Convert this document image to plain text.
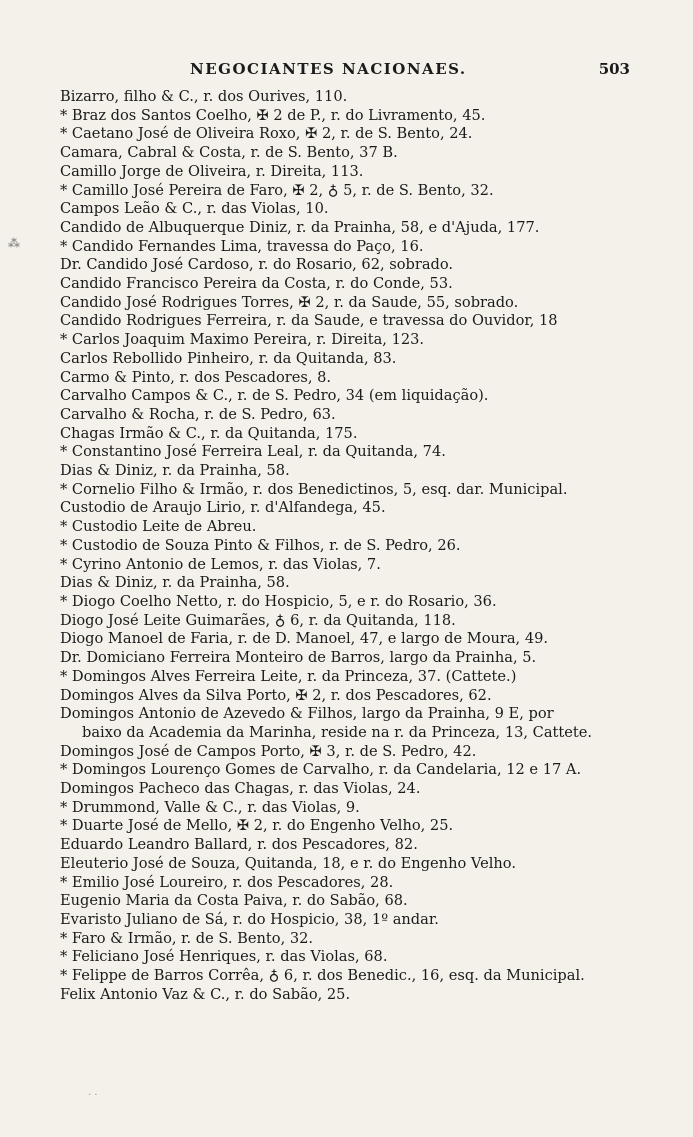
NEGOCIANTES NACIONAES.	503
⁂
Bizarro, filho & C., r. dos Ourives, 110.
* Braz dos Santos Coelho, ✠ 2 de P., r. do Livramento, 45.
* Caetano José de Oliveira Roxo, ✠ 2, r. de S. Bento, 24.
Camara, Cabral & Costa, r. de S. Bento, 37 B.
Camillo Jorge de Oliveira, r. Direita, 113.
* Camillo José Pereira de Faro, ✠ 2, ♁ 5, r. de S. Bento, 32.
Campos Leão & C., r. das Violas, 10.
Candido de Albuquerque Diniz, r. da Prainha, 58, e d'Ajuda, 177.
* Candido Fernandes Lima, travessa do Paço, 16.
Dr. Candido José Cardoso, r. do Rosario, 62, sobrado.
Candido Francisco Pereira da Costa, r. do Conde, 53.
Candido José Rodrigues Torres, ✠ 2, r. da Saude, 55, sobrado.
Candido Rodrigues Ferreira, r. da Saude, e travessa do Ouvidor, 18
* Carlos Joaquim Maximo Pereira, r. Direita, 123.
Carlos Rebollido Pinheiro, r. da Quitanda, 83.
Carmo & Pinto, r. dos Pescadores, 8.
Carvalho Campos & C., r. de S. Pedro, 34 (em liquidação).
Carvalho & Rocha, r. de S. Pedro, 63.
Chagas Irmão & C., r. da Quitanda, 175.
* Constantino José Ferreira Leal, r. da Quitanda, 74.
Dias & Diniz, r. da Prainha, 58.
* Cornelio Filho & Irmão, r. dos Benedictinos, 5, esq. dar. Municipal.
Custodio de Araujo Lirio, r. d'Alfandega, 45.
* Custodio Leite de Abreu.
* Custodio de Souza Pinto & Filhos, r. de S. Pedro, 26.
* Cyrino Antonio de Lemos, r. das Violas, 7.
Dias & Diniz, r. da Prainha, 58.
* Diogo Coelho Netto, r. do Hospicio, 5, e r. do Rosario, 36.
Diogo José Leite Guimarães, ♁ 6, r. da Quitanda, 118.
Diogo Manoel de Faria, r. de D. Manoel, 47, e largo de Moura, 49.
Dr. Domiciano Ferreira Monteiro de Barros, largo da Prainha, 5.
* Domingos Alves Ferreira Leite, r. da Princeza, 37. (Cattete.)
Domingos Alves da Silva Porto, ✠ 2, r. dos Pescadores, 62.
Domingos Antonio de Azevedo & Filhos, largo da Prainha, 9 E, por
baixo da Academia da Marinha, reside na r. da Princeza, 13, Cattete.
Domingos José de Campos Porto, ✠ 3, r. de S. Pedro, 42.
* Domingos Lourenço Gomes de Carvalho, r. da Candelaria, 12 e 17 A.
Domingos Pacheco das Chagas, r. das Violas, 24.
* Drummond, Valle & C., r. das Violas, 9.
* Duarte José de Mello, ✠ 2, r. do Engenho Velho, 25.
Eduardo Leandro Ballard, r. dos Pescadores, 82.
Eleuterio José de Souza, Quitanda, 18, e r. do Engenho Velho.
* Emilio José Loureiro, r. dos Pescadores, 28.
Eugenio Maria da Costa Paiva, r. do Sabão, 68.
Evaristo Juliano de Sá, r. do Hospicio, 38, 1º andar.
* Faro & Irmão, r. de S. Bento, 32.
* Feliciano José Henriques, r. das Violas, 68.
* Felippe de Barros Corrêa, ♁ 6, r. dos Benedic., 16, esq. da Municipal.
Felix Antonio Vaz & C., r. do Sabão, 25.
· ·
